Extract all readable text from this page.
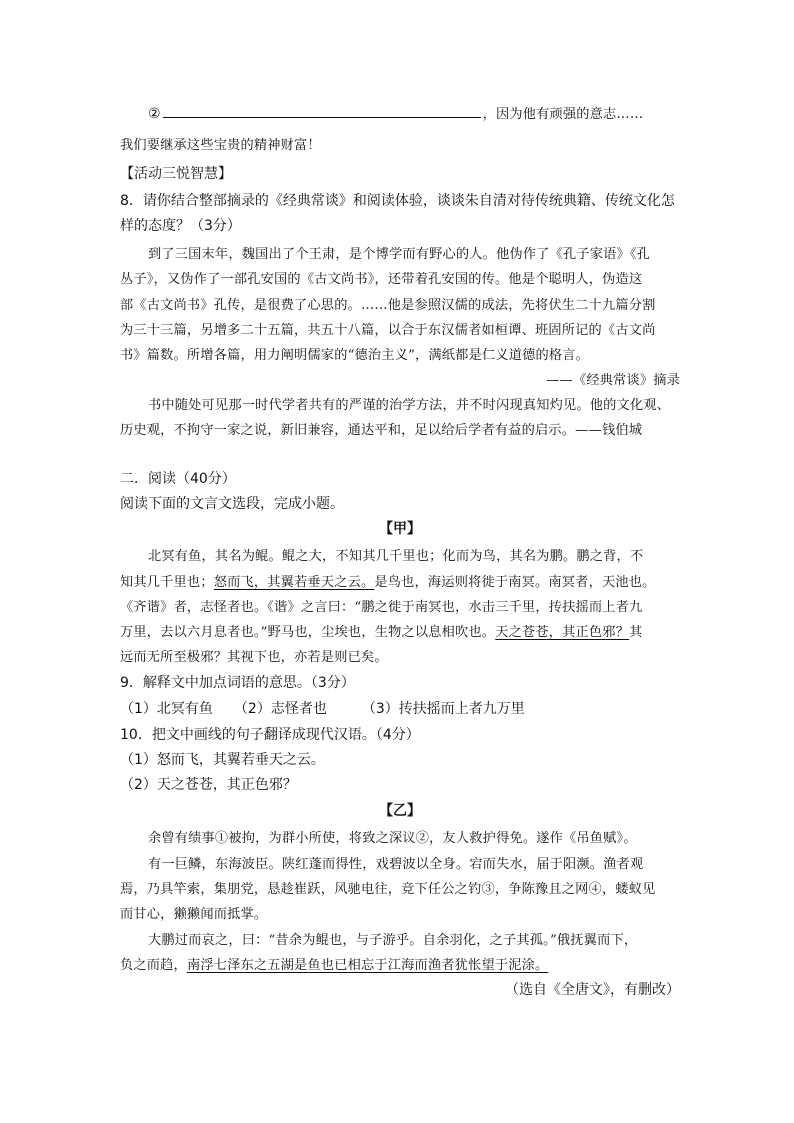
②	，因为他有顽强的意志……
我们要继承这些宝贵的精神财富！
【活动三悦智慧】
8．请你结合整部摘录的《经典常谈》和阅读体验，谈谈朱自清对待传统典籍、传统文化怎
样的态度？（3分）
到了三国末年，魏国出了个王肃，是个博学而有野心的人。他伪作了《孔子家语》《孔
丛子》，又伪作了一部孔安国的《古文尚书》，还带着孔安国的传。他是个聪明人，伪造这
部《古文尚书》孔传，是很费了心思的。……他是参照汉儒的成法，先将伏生二十九篇分割
为三十三篇，另增多二十五篇，共五十八篇，以合于东汉儒者如桓谭、班固所记的《古文尚
书》篇数。所增各篇，用力阐明儒家的“德治主义”，满纸都是仁义道德的格言。
——《经典常谈》摘录
书中随处可见那一时代学者共有的严谨的治学方法，并不时闪现真知灼见。他的文化观、
历史观，不拘守一家之说，新旧兼容，通达平和，足以给后学者有益的启示。——钱伯城
二．阅读（40分）
阅读下面的文言文选段，完成小题。
【甲】
北冥有鱼，其名为鲲。鲲之大，不知其几千里也；化而为鸟，其名为鹏。鹏之背，不
知其几千里也；怒而飞，其翼若垂天之云。是鸟也，海运则将徙于南冥。南冥者，天池也。
《齐谐》者，志怪者也。《谐》之言曰：“鹏之徙于南冥也，水击三千里，抟扶摇而上者九
万里，去以六月息者也。”野马也，尘埃也，生物之以息相吹也。天之苍苍，其正色邪？其
远而无所至极邪？其视下也，亦若是则已矣。
9．解释文中加点词语的意思。（3分）
（1）北冥有鱼　　（2）志怪者也　　　（3）抟扶摇而上者九万里
10．把文中画线的句子翻译成现代汉语。（4分）
（1）怒而飞，其翼若垂天之云。
（2）天之苍苍，其正色邪？
【乙】
余曾有绩事①被拘，为群小所使，将致之深议②，友人救护得免。遂作《吊鱼赋》。
有一巨鳞，东海波臣。陕红蓬而得性，戏碧波以全身。宕而失水，届于阳濒。渔者观
焉，乃具竿索，集朋党，恳趁崔跃，风驰电往，竞下任公之钓③，争陈豫且之网④，蝼蚁见
而甘心，獭獭闻而抵掌。
大鹏过而哀之，曰：“昔余为鲲也，与子游乎。自余羽化，之子其孤。”俄抚翼而下，
负之而趋，南浮七泽东之五湖是鱼也已相忘于江海而渔者犹怅望于泥涂。
（选自《全唐文》，有删改）
